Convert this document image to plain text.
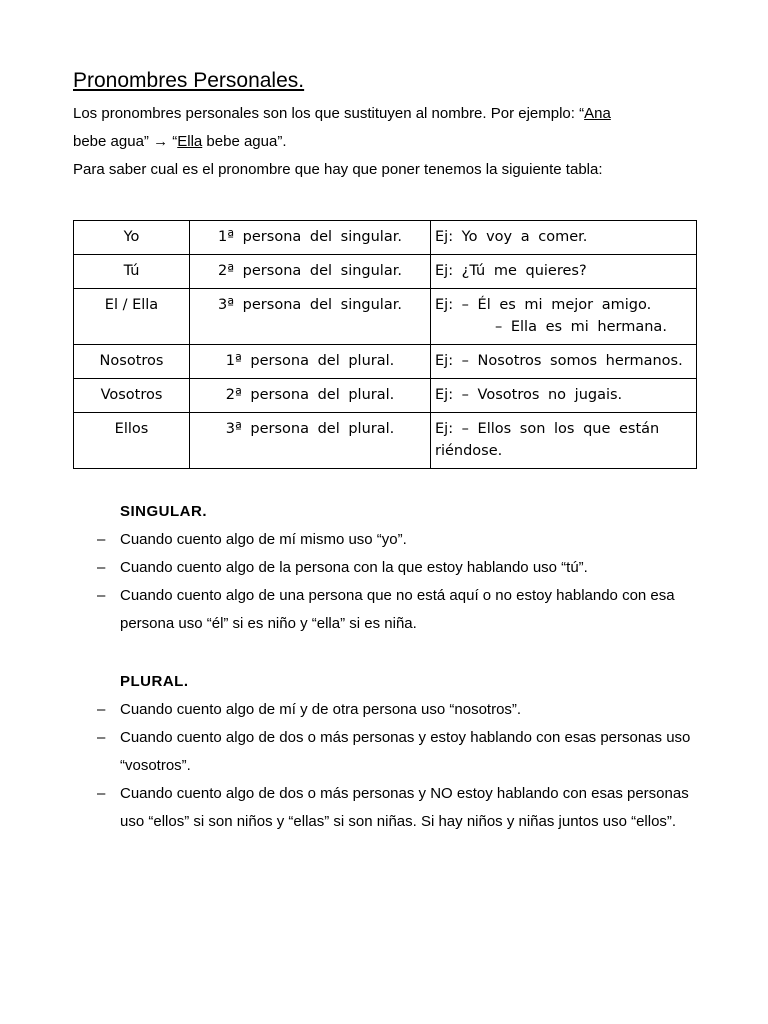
Pronombres Personales.

Los pronombres personales son los que sustituyen al nombre. Por ejemplo: “Ana
bebe agua” → “Ella bebe agua”.
Para saber cual es el pronombre que hay que poner tenemos la siguiente tabla:

Yo	1ª persona del singular.	Ej: Yo voy a comer.
Tú	2ª persona del singular.	Ej: ¿Tú me quieres?
El / Ella	3ª persona del singular.	Ej: – Él es mi mejor amigo.
– Ella es mi hermana.

Nosotros	1ª persona del plural.	Ej: – Nosotros somos hermanos.
Vosotros	2ª persona del plural.	Ej: – Vosotros no jugais.
Ellos	3ª persona del plural.	Ej: – Ellos son los que están
riéndose.
SINGULAR.
– Cuando cuento algo de mí mismo uso “yo”.
– Cuando cuento algo de la persona con la que estoy hablando uso “tú”.
– Cuando cuento algo de una persona que no está aquí o no estoy hablando con esa persona uso “él” si es niño y “ella” si es niña.
PLURAL.
– Cuando cuento algo de mí y de otra persona uso “nosotros”.
– Cuando cuento algo de dos o más personas y estoy hablando con esas personas uso “vosotros”.
– Cuando cuento algo de dos o más personas y NO estoy hablando con esas personas uso “ellos” si son niños y “ellas” si son niñas. Si hay niños y niñas juntos uso “ellos”.
